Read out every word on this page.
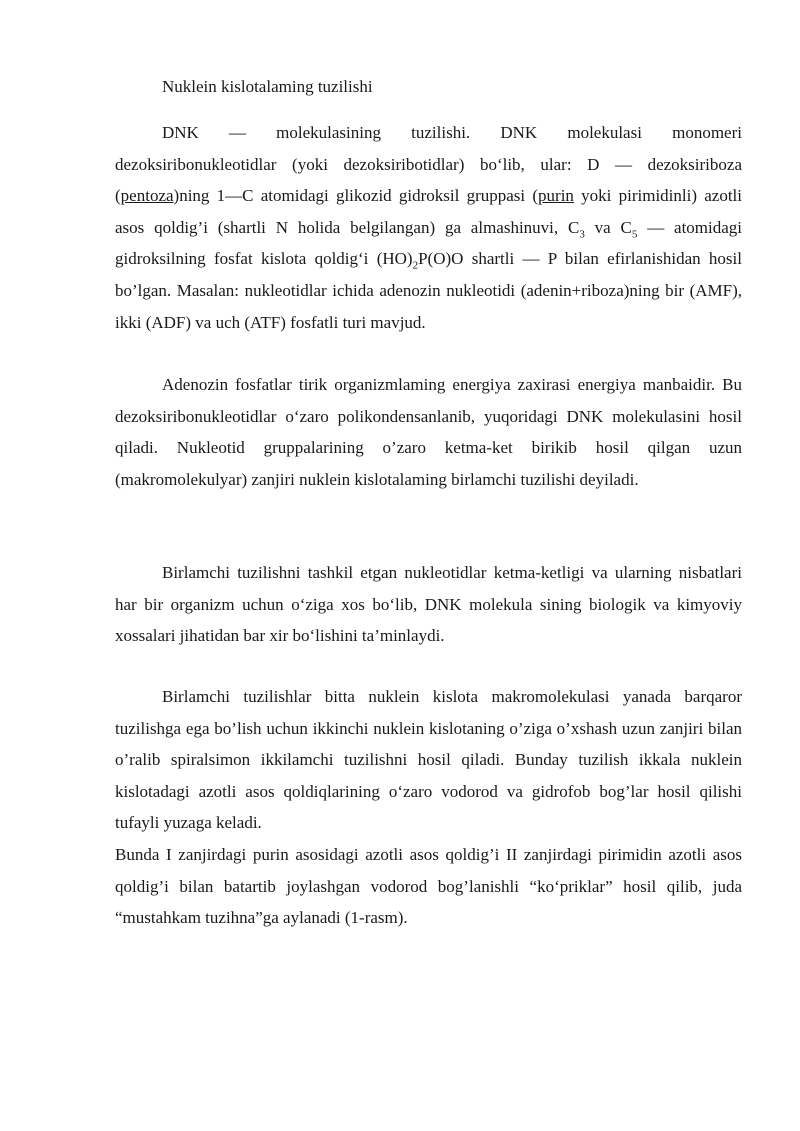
Nuklein kislotalaming tuzilishi

DNK — molekulasining tuzilishi. DNK molekulasi monomeri dezoksiribonukleotidlar (yoki dezoksiribotidlar) bo‘lib, ular: D — dezoksiriboza (pentoza)ning 1—C atomidagi glikozid gidroksil gruppasi (purin yoki pirimidinli) azotli asos qoldig’i (shartli N holida belgilangan) ga almashinuvi, $C_3$ va $C_5$ — atomidagi gidroksilning fosfat kislota qoldig‘i $(HO)_2P(O)O$ shartli — P bilan efirlanishidan hosil bo’lgan. Masalan: nukleotidlar ichida adenozin nukleotidi (adenin+riboza)ning bir (AMF), ikki (ADF) va uch (ATF) fosfatli turi mavjud.

Adenozin fosfatlar tirik organizmlaming energiya zaxirasi energiya manbaidir. Bu dezoksiribonukleotidlar o‘zaro polikondensanlanib, yuqoridagi DNK molekulasini hosil qiladi. Nukleotid gruppalarining o’zaro ketma-ket birikib hosil qilgan uzun (makromolekulyar) zanjiri nuklein kislotalaming birlamchi tuzilishi deyiladi.

Birlamchi tuzilishni tashkil etgan nukleotidlar ketma-ketligi va ularning nisbatlari har bir organizm uchun o‘ziga xos bo‘lib, DNK molekula sining biologik va kimyoviy xossalari jihatidan bar xir bo‘lishini ta’minlaydi.

Birlamchi tuzilishlar bitta nuklein kislota makromolekulasi yanada barqaror tuzilishga ega bo’lish uchun ikkinchi nuklein kislotaning o’ziga o’xshash uzun zanjiri bilan o’ralib spiralsimon ikkilamchi tuzilishni hosil qiladi. Bunday tuzilish ikkala nuklein kislotadagi azotli asos qoldiqlarining o‘zaro vodorod va gidrofob bog’lar hosil qilishi tufayli yuzaga keladi.
Bunda I zanjirdagi purin asosidagi azotli asos qoldig’i II zanjirdagi pirimidin azotli asos qoldig’i bilan batartib joylashgan vodorod bog’lanishli “ko‘priklar” hosil qilib, juda “mustahkam tuzihna”ga aylanadi (1-rasm).
